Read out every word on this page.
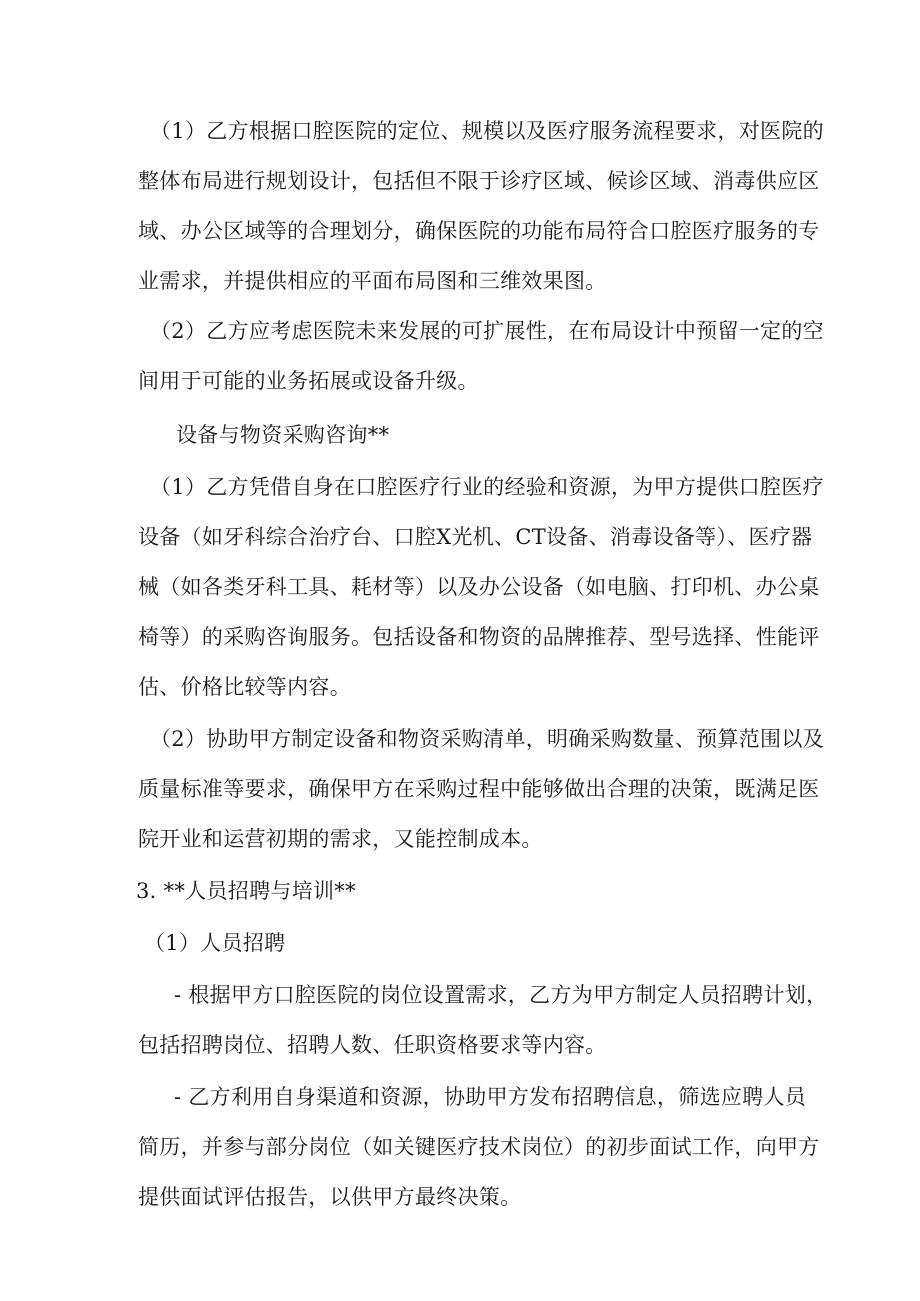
（1）乙方根据口腔医院的定位、规模以及医疗服务流程要求，对医院的
整体布局进行规划设计，包括但不限于诊疗区域、候诊区域、消毒供应区
域、办公区域等的合理划分，确保医院的功能布局符合口腔医疗服务的专
业需求，并提供相应的平面布局图和三维效果图。
（2）乙方应考虑医院未来发展的可扩展性，在布局设计中预留一定的空
间用于可能的业务拓展或设备升级。
设备与物资采购咨询**
（1）乙方凭借自身在口腔医疗行业的经验和资源，为甲方提供口腔医疗
设备（如牙科综合治疗台、口腔X光机、CT设备、消毒设备等）、医疗器
械（如各类牙科工具、耗材等）以及办公设备（如电脑、打印机、办公桌
椅等）的采购咨询服务。包括设备和物资的品牌推荐、型号选择、性能评
估、价格比较等内容。
（2）协助甲方制定设备和物资采购清单，明确采购数量、预算范围以及
质量标准等要求，确保甲方在采购过程中能够做出合理的决策，既满足医
院开业和运营初期的需求，又能控制成本。
3. **人员招聘与培训**
（1）人员招聘
- 根据甲方口腔医院的岗位设置需求，乙方为甲方制定人员招聘计划，
包括招聘岗位、招聘人数、任职资格要求等内容。
- 乙方利用自身渠道和资源，协助甲方发布招聘信息，筛选应聘人员
简历，并参与部分岗位（如关键医疗技术岗位）的初步面试工作，向甲方
提供面试评估报告，以供甲方最终决策。
